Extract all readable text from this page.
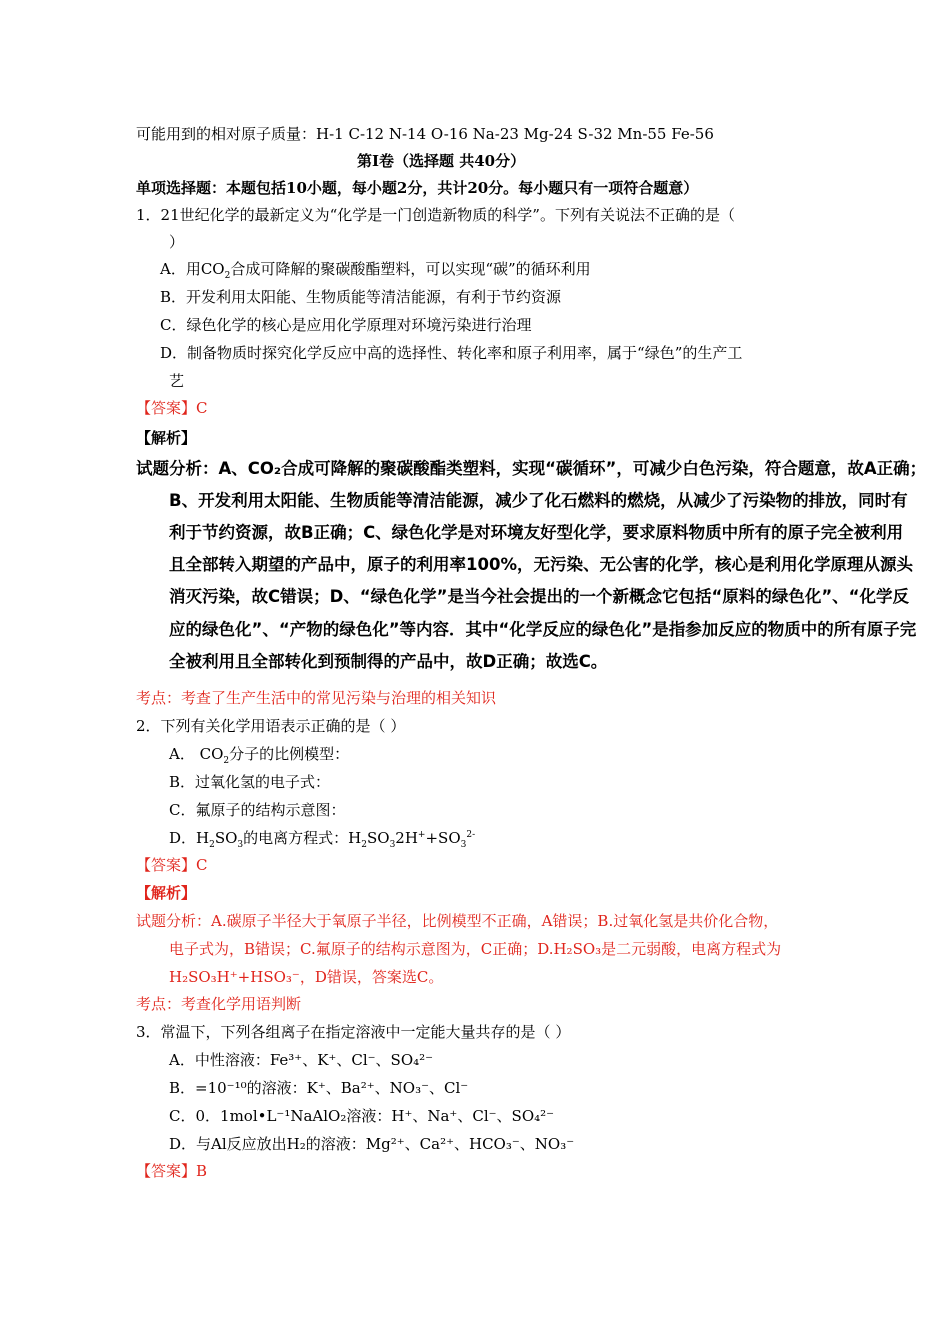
可能用到的相对原子质量：H-1 C-12 N-14 O-16 Na-23 Mg-24 S-32 Mn-55 Fe-56
第I卷（选择题 共40分）
单项选择题：本题包括10小题，每小题2分，共计20分。每小题只有一项符合题意）
1．21世纪化学的最新定义为“化学是一门创造新物质的科学”。下列有关说法不正确的是（
）
A．用$CO_2$合成可降解的聚碳酸酯塑料，可以实现“碳”的循环利用
B．开发利用太阳能、生物质能等清洁能源，有利于节约资源
C．绿色化学的核心是应用化学原理对环境污染进行治理
D．制备物质时探究化学反应中高的选择性、转化率和原子利用率，属于“绿色”的生产工
艺
【答案】C
【解析】
试题分析：A、CO₂合成可降解的聚碳酸酯类塑料，实现“碳循环”，可减少白色污染，符合题意，故A正确；
B、开发利用太阳能、生物质能等清洁能源，减少了化石燃料的燃烧，从减少了污染物的排放，同时有
利于节约资源，故B正确；C、绿色化学是对环境友好型化学，要求原料物质中所有的原子完全被利用
且全部转入期望的产品中，原子的利用率100%，无污染、无公害的化学，核心是利用化学原理从源头
消灭污染，故C错误；D、“绿色化学”是当今社会提出的一个新概念它包括“原料的绿色化”、“化学反
应的绿色化”、“产物的绿色化”等内容．其中“化学反应的绿色化”是指参加反应的物质中的所有原子完
全被利用且全部转化到预制得的产品中，故D正确；故选C。
考点：考查了生产生活中的常见污染与治理的相关知识
2．下列有关化学用语表示正确的是（ ）
A． $CO_2$分子的比例模型：
B．过氧化氢的电子式：
C．氟原子的结构示意图：
D．$H_2SO_3$的电离方程式：$H_2SO_32H^++SO_3^{2-}$
【答案】C
【解析】
试题分析：A.碳原子半径大于氧原子半径，比例模型不正确，A错误；B.过氧化氢是共价化合物，
电子式为，B错误；C.氟原子的结构示意图为，C正确；D.H₂SO₃是二元弱酸，电离方程式为
H₂SO₃H⁺+HSO₃⁻，D错误，答案选C。
考点：考查化学用语判断
3．常温下，下列各组离子在指定溶液中一定能大量共存的是（ ）
A．中性溶液：Fe³⁺、K⁺、Cl⁻、SO₄²⁻
B．=10⁻¹⁰的溶液：K⁺、Ba²⁺、NO₃⁻、Cl⁻
C．0．1mol•L⁻¹NaAlO₂溶液：H⁺、Na⁺、Cl⁻、SO₄²⁻
D．与Al反应放出H₂的溶液：Mg²⁺、Ca²⁺、HCO₃⁻、NO₃⁻
【答案】B
